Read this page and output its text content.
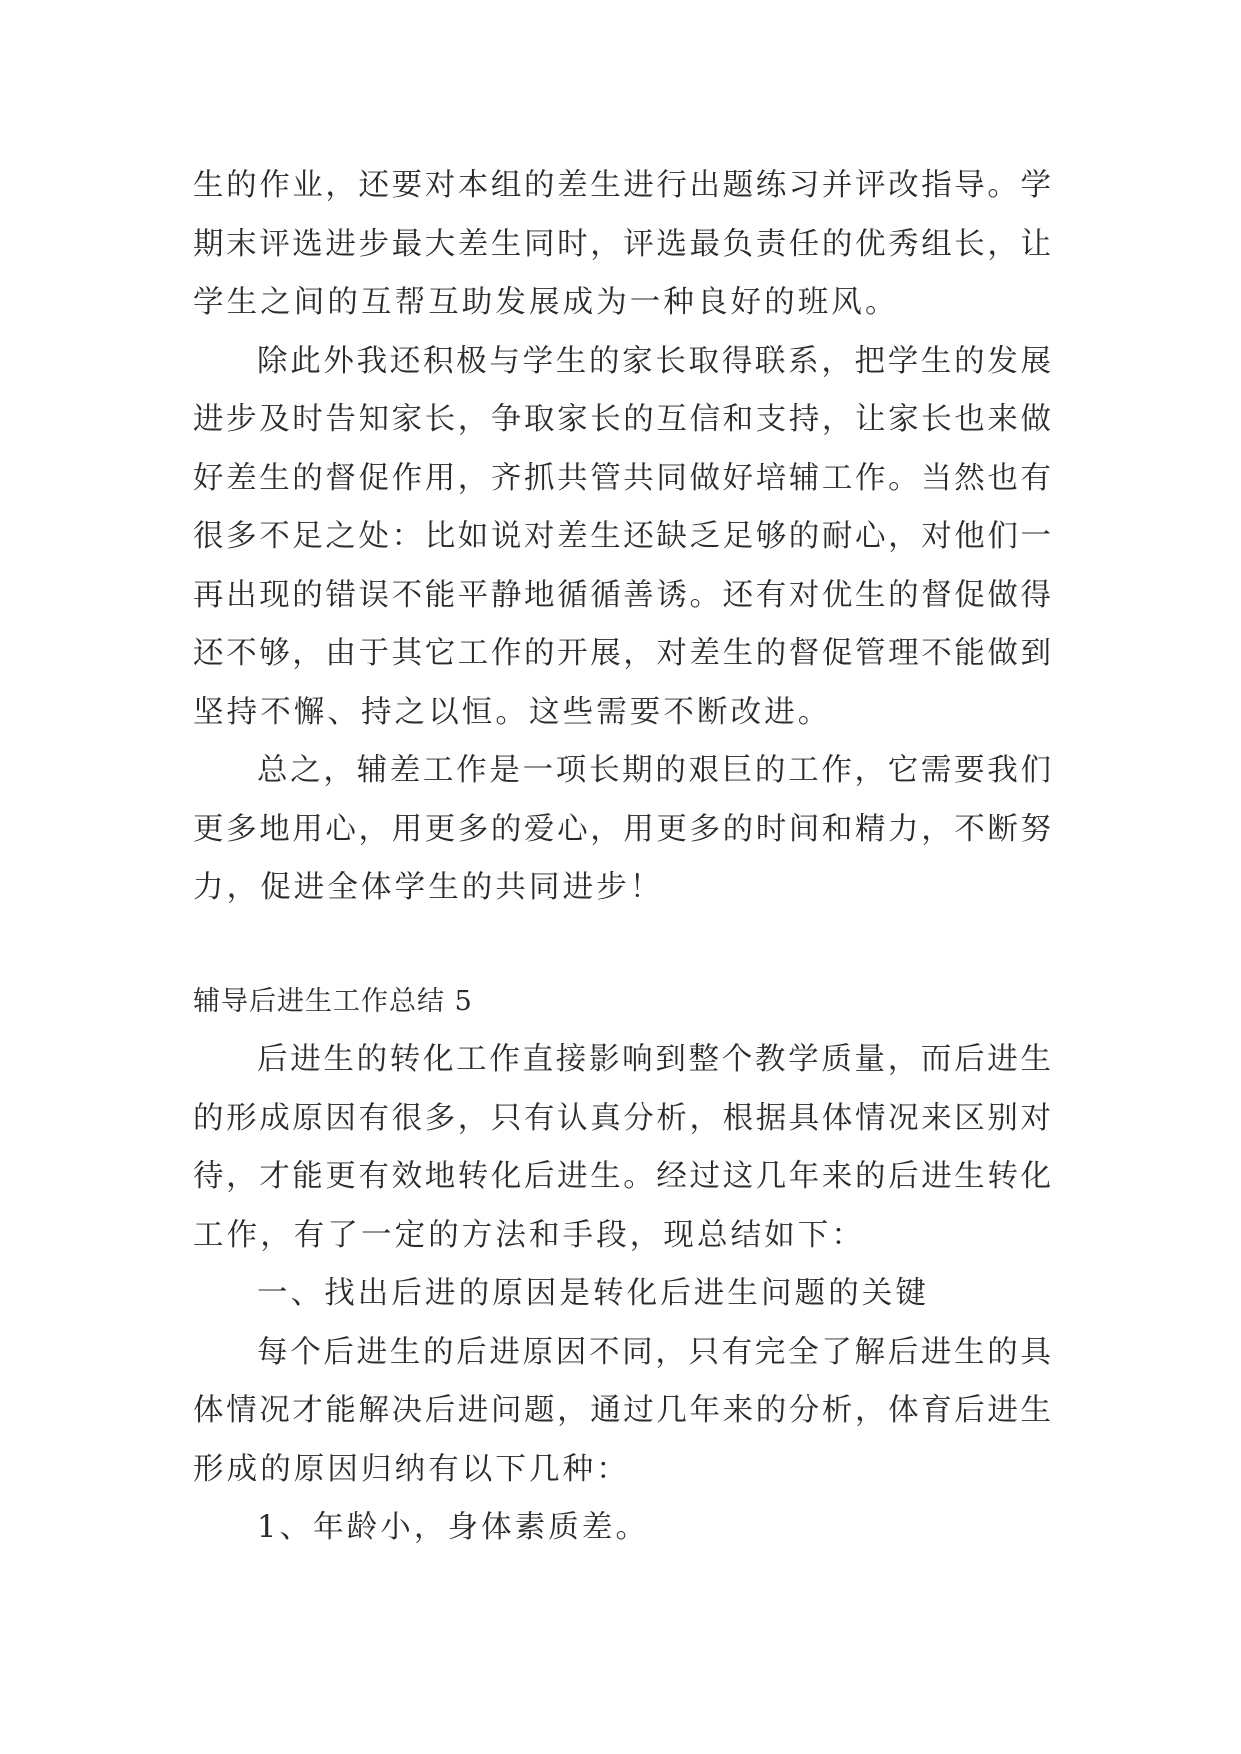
生的作业，还要对本组的差生进行出题练习并评改指导。学
期末评选进步最大差生同时，评选最负责任的优秀组长，让
学生之间的互帮互助发展成为一种良好的班风。
除此外我还积极与学生的家长取得联系，把学生的发展
进步及时告知家长，争取家长的互信和支持，让家长也来做
好差生的督促作用，齐抓共管共同做好培辅工作。当然也有
很多不足之处：比如说对差生还缺乏足够的耐心，对他们一
再出现的错误不能平静地循循善诱。还有对优生的督促做得
还不够，由于其它工作的开展，对差生的督促管理不能做到
坚持不懈、持之以恒。这些需要不断改进。
总之，辅差工作是一项长期的艰巨的工作，它需要我们
更多地用心，用更多的爱心，用更多的时间和精力，不断努
力，促进全体学生的共同进步！
辅导后进生工作总结 5
后进生的转化工作直接影响到整个教学质量，而后进生
的形成原因有很多，只有认真分析，根据具体情况来区别对
待，才能更有效地转化后进生。经过这几年来的后进生转化
工作，有了一定的方法和手段，现总结如下：
一、找出后进的原因是转化后进生问题的关键
每个后进生的后进原因不同，只有完全了解后进生的具
体情况才能解决后进问题，通过几年来的分析，体育后进生
形成的原因归纳有以下几种：
1、年龄小，身体素质差。
